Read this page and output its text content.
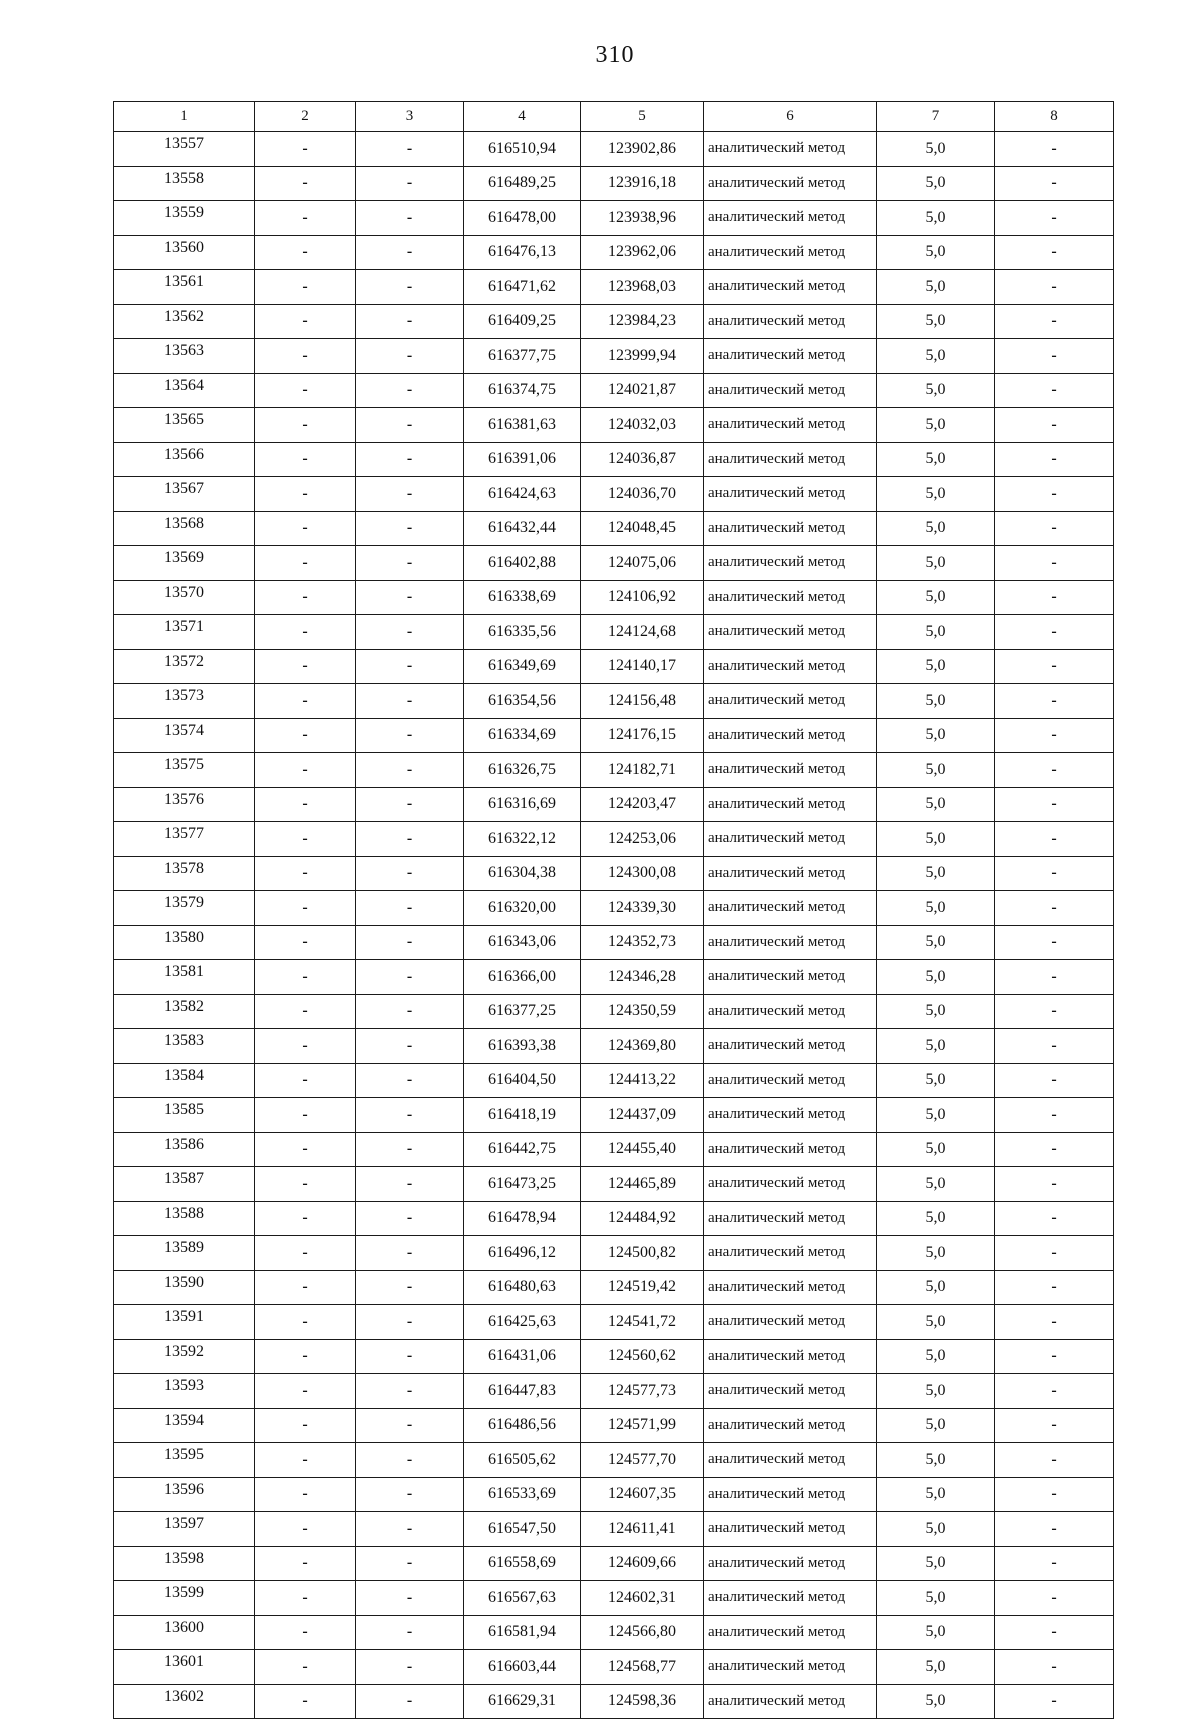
310
1	2	3	4	5	6	7	8
13557	-	-	616510,94	123902,86	аналитический метод	5,0	-
13558	-	-	616489,25	123916,18	аналитический метод	5,0	-
13559	-	-	616478,00	123938,96	аналитический метод	5,0	-
13560	-	-	616476,13	123962,06	аналитический метод	5,0	-
13561	-	-	616471,62	123968,03	аналитический метод	5,0	-
13562	-	-	616409,25	123984,23	аналитический метод	5,0	-
13563	-	-	616377,75	123999,94	аналитический метод	5,0	-
13564	-	-	616374,75	124021,87	аналитический метод	5,0	-
13565	-	-	616381,63	124032,03	аналитический метод	5,0	-
13566	-	-	616391,06	124036,87	аналитический метод	5,0	-
13567	-	-	616424,63	124036,70	аналитический метод	5,0	-
13568	-	-	616432,44	124048,45	аналитический метод	5,0	-
13569	-	-	616402,88	124075,06	аналитический метод	5,0	-
13570	-	-	616338,69	124106,92	аналитический метод	5,0	-
13571	-	-	616335,56	124124,68	аналитический метод	5,0	-
13572	-	-	616349,69	124140,17	аналитический метод	5,0	-
13573	-	-	616354,56	124156,48	аналитический метод	5,0	-
13574	-	-	616334,69	124176,15	аналитический метод	5,0	-
13575	-	-	616326,75	124182,71	аналитический метод	5,0	-
13576	-	-	616316,69	124203,47	аналитический метод	5,0	-
13577	-	-	616322,12	124253,06	аналитический метод	5,0	-
13578	-	-	616304,38	124300,08	аналитический метод	5,0	-
13579	-	-	616320,00	124339,30	аналитический метод	5,0	-
13580	-	-	616343,06	124352,73	аналитический метод	5,0	-
13581	-	-	616366,00	124346,28	аналитический метод	5,0	-
13582	-	-	616377,25	124350,59	аналитический метод	5,0	-
13583	-	-	616393,38	124369,80	аналитический метод	5,0	-
13584	-	-	616404,50	124413,22	аналитический метод	5,0	-
13585	-	-	616418,19	124437,09	аналитический метод	5,0	-
13586	-	-	616442,75	124455,40	аналитический метод	5,0	-
13587	-	-	616473,25	124465,89	аналитический метод	5,0	-
13588	-	-	616478,94	124484,92	аналитический метод	5,0	-
13589	-	-	616496,12	124500,82	аналитический метод	5,0	-
13590	-	-	616480,63	124519,42	аналитический метод	5,0	-
13591	-	-	616425,63	124541,72	аналитический метод	5,0	-
13592	-	-	616431,06	124560,62	аналитический метод	5,0	-
13593	-	-	616447,83	124577,73	аналитический метод	5,0	-
13594	-	-	616486,56	124571,99	аналитический метод	5,0	-
13595	-	-	616505,62	124577,70	аналитический метод	5,0	-
13596	-	-	616533,69	124607,35	аналитический метод	5,0	-
13597	-	-	616547,50	124611,41	аналитический метод	5,0	-
13598	-	-	616558,69	124609,66	аналитический метод	5,0	-
13599	-	-	616567,63	124602,31	аналитический метод	5,0	-
13600	-	-	616581,94	124566,80	аналитический метод	5,0	-
13601	-	-	616603,44	124568,77	аналитический метод	5,0	-
13602	-	-	616629,31	124598,36	аналитический метод	5,0	-
